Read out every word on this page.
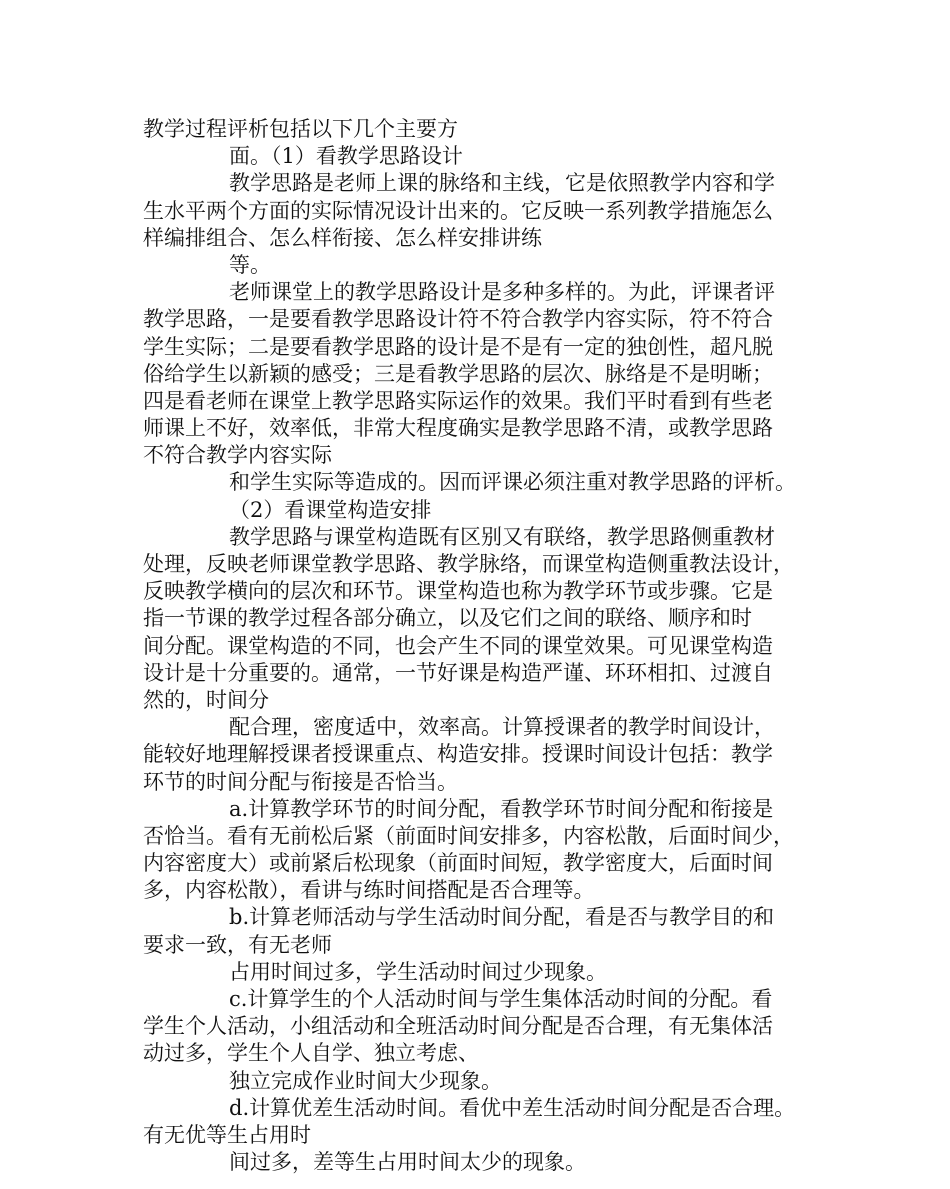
教学过程评析包括以下几个主要方

面。（1）看教学思路设计

教学思路是老师上课的脉络和主线，它是依照教学内容和学

生水平两个方面的实际情况设计出来的。它反映一系列教学措施怎么

样编排组合、怎么样衔接、怎么样安排讲练

等。

老师课堂上的教学思路设计是多种多样的。为此，评课者评

教学思路，一是要看教学思路设计符不符合教学内容实际，符不符合

学生实际；二是要看教学思路的设计是不是有一定的独创性，超凡脱

俗给学生以新颖的感受；三是看教学思路的层次、脉络是不是明晰；

四是看老师在课堂上教学思路实际运作的效果。我们平时看到有些老

师课上不好，效率低，非常大程度确实是教学思路不清，或教学思路

不符合教学内容实际

和学生实际等造成的。因而评课必须注重对教学思路的评析。

（2）看课堂构造安排

教学思路与课堂构造既有区别又有联络，教学思路侧重教材

处理，反映老师课堂教学思路、教学脉络，而课堂构造侧重教法设计，

反映教学横向的层次和环节。课堂构造也称为教学环节或步骤。它是

指一节课的教学过程各部分确立，以及它们之间的联络、顺序和时

间分配。课堂构造的不同，也会产生不同的课堂效果。可见课堂构造

设计是十分重要的。通常，一节好课是构造严谨、环环相扣、过渡自

然的，时间分

配合理，密度适中，效率高。计算授课者的教学时间设计，

能较好地理解授课者授课重点、构造安排。授课时间设计包括：教学

环节的时间分配与衔接是否恰当。

a.计算教学环节的时间分配，看教学环节时间分配和衔接是

否恰当。看有无前松后紧（前面时间安排多，内容松散，后面时间少，

内容密度大）或前紧后松现象（前面时间短，教学密度大，后面时间

多，内容松散），看讲与练时间搭配是否合理等。

b.计算老师活动与学生活动时间分配，看是否与教学目的和

要求一致，有无老师

占用时间过多，学生活动时间过少现象。

c.计算学生的个人活动时间与学生集体活动时间的分配。看

学生个人活动，小组活动和全班活动时间分配是否合理，有无集体活

动过多，学生个人自学、独立考虑、

独立完成作业时间大少现象。

d.计算优差生活动时间。看优中差生活动时间分配是否合理。

有无优等生占用时

间过多，差等生占用时间太少的现象。
